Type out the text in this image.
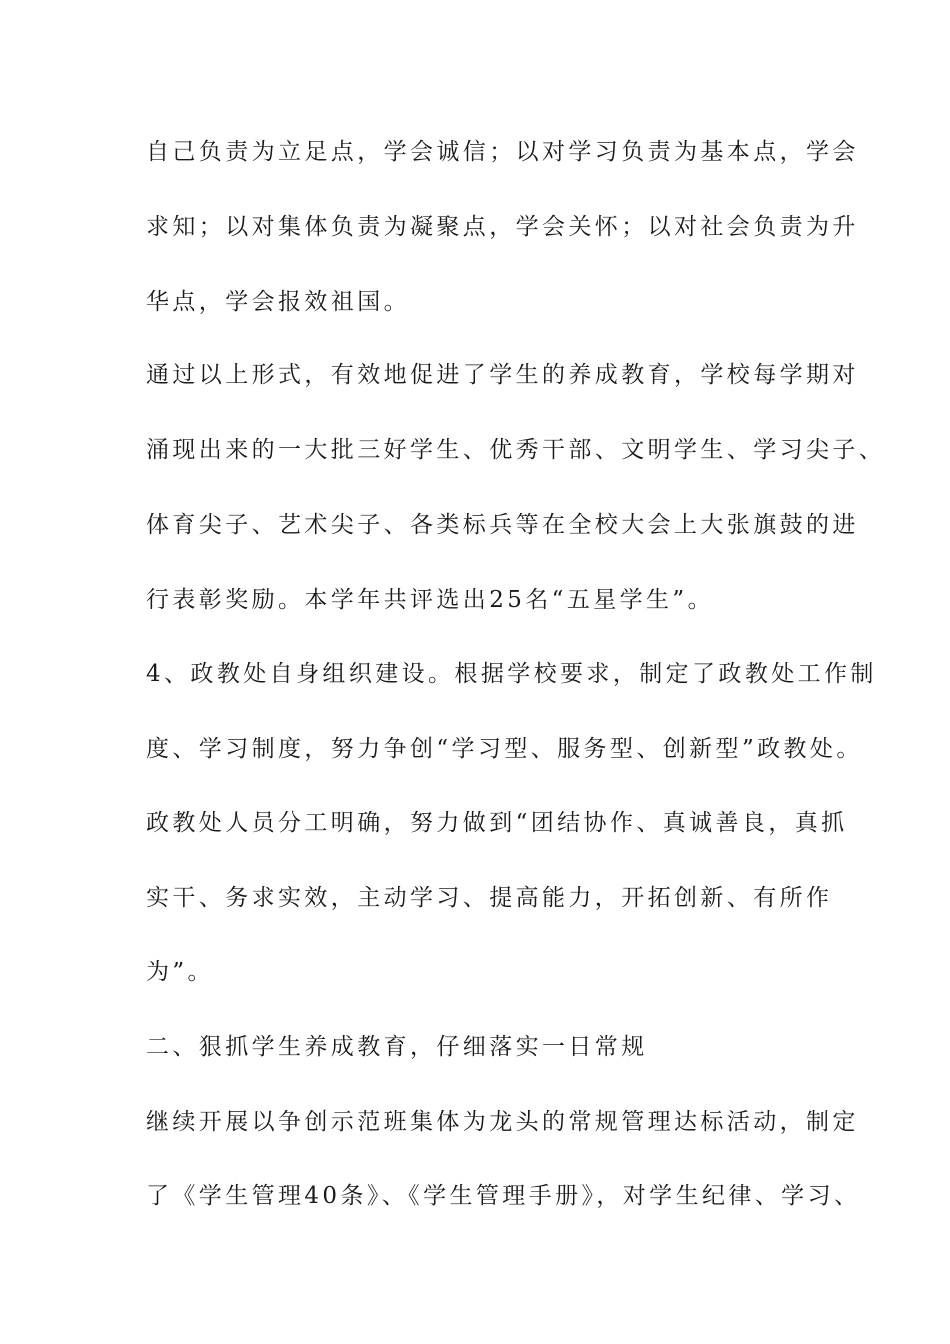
自己负责为立足点，学会诚信；以对学习负责为基本点，学会
求知；以对集体负责为凝聚点，学会关怀；以对社会负责为升
华点，学会报效祖国。
通过以上形式，有效地促进了学生的养成教育，学校每学期对
涌现出来的一大批三好学生、优秀干部、文明学生、学习尖子、
体育尖子、艺术尖子、各类标兵等在全校大会上大张旗鼓的进
行表彰奖励。本学年共评选出25名“五星学生”。
4、政教处自身组织建设。根据学校要求，制定了政教处工作制
度、学习制度，努力争创“学习型、服务型、创新型”政教处。
政教处人员分工明确，努力做到“团结协作、真诚善良，真抓
实干、务求实效，主动学习、提高能力，开拓创新、有所作
为”。
二、狠抓学生养成教育，仔细落实一日常规
继续开展以争创示范班集体为龙头的常规管理达标活动，制定
了《学生管理40条》、《学生管理手册》，对学生纪律、学习、
